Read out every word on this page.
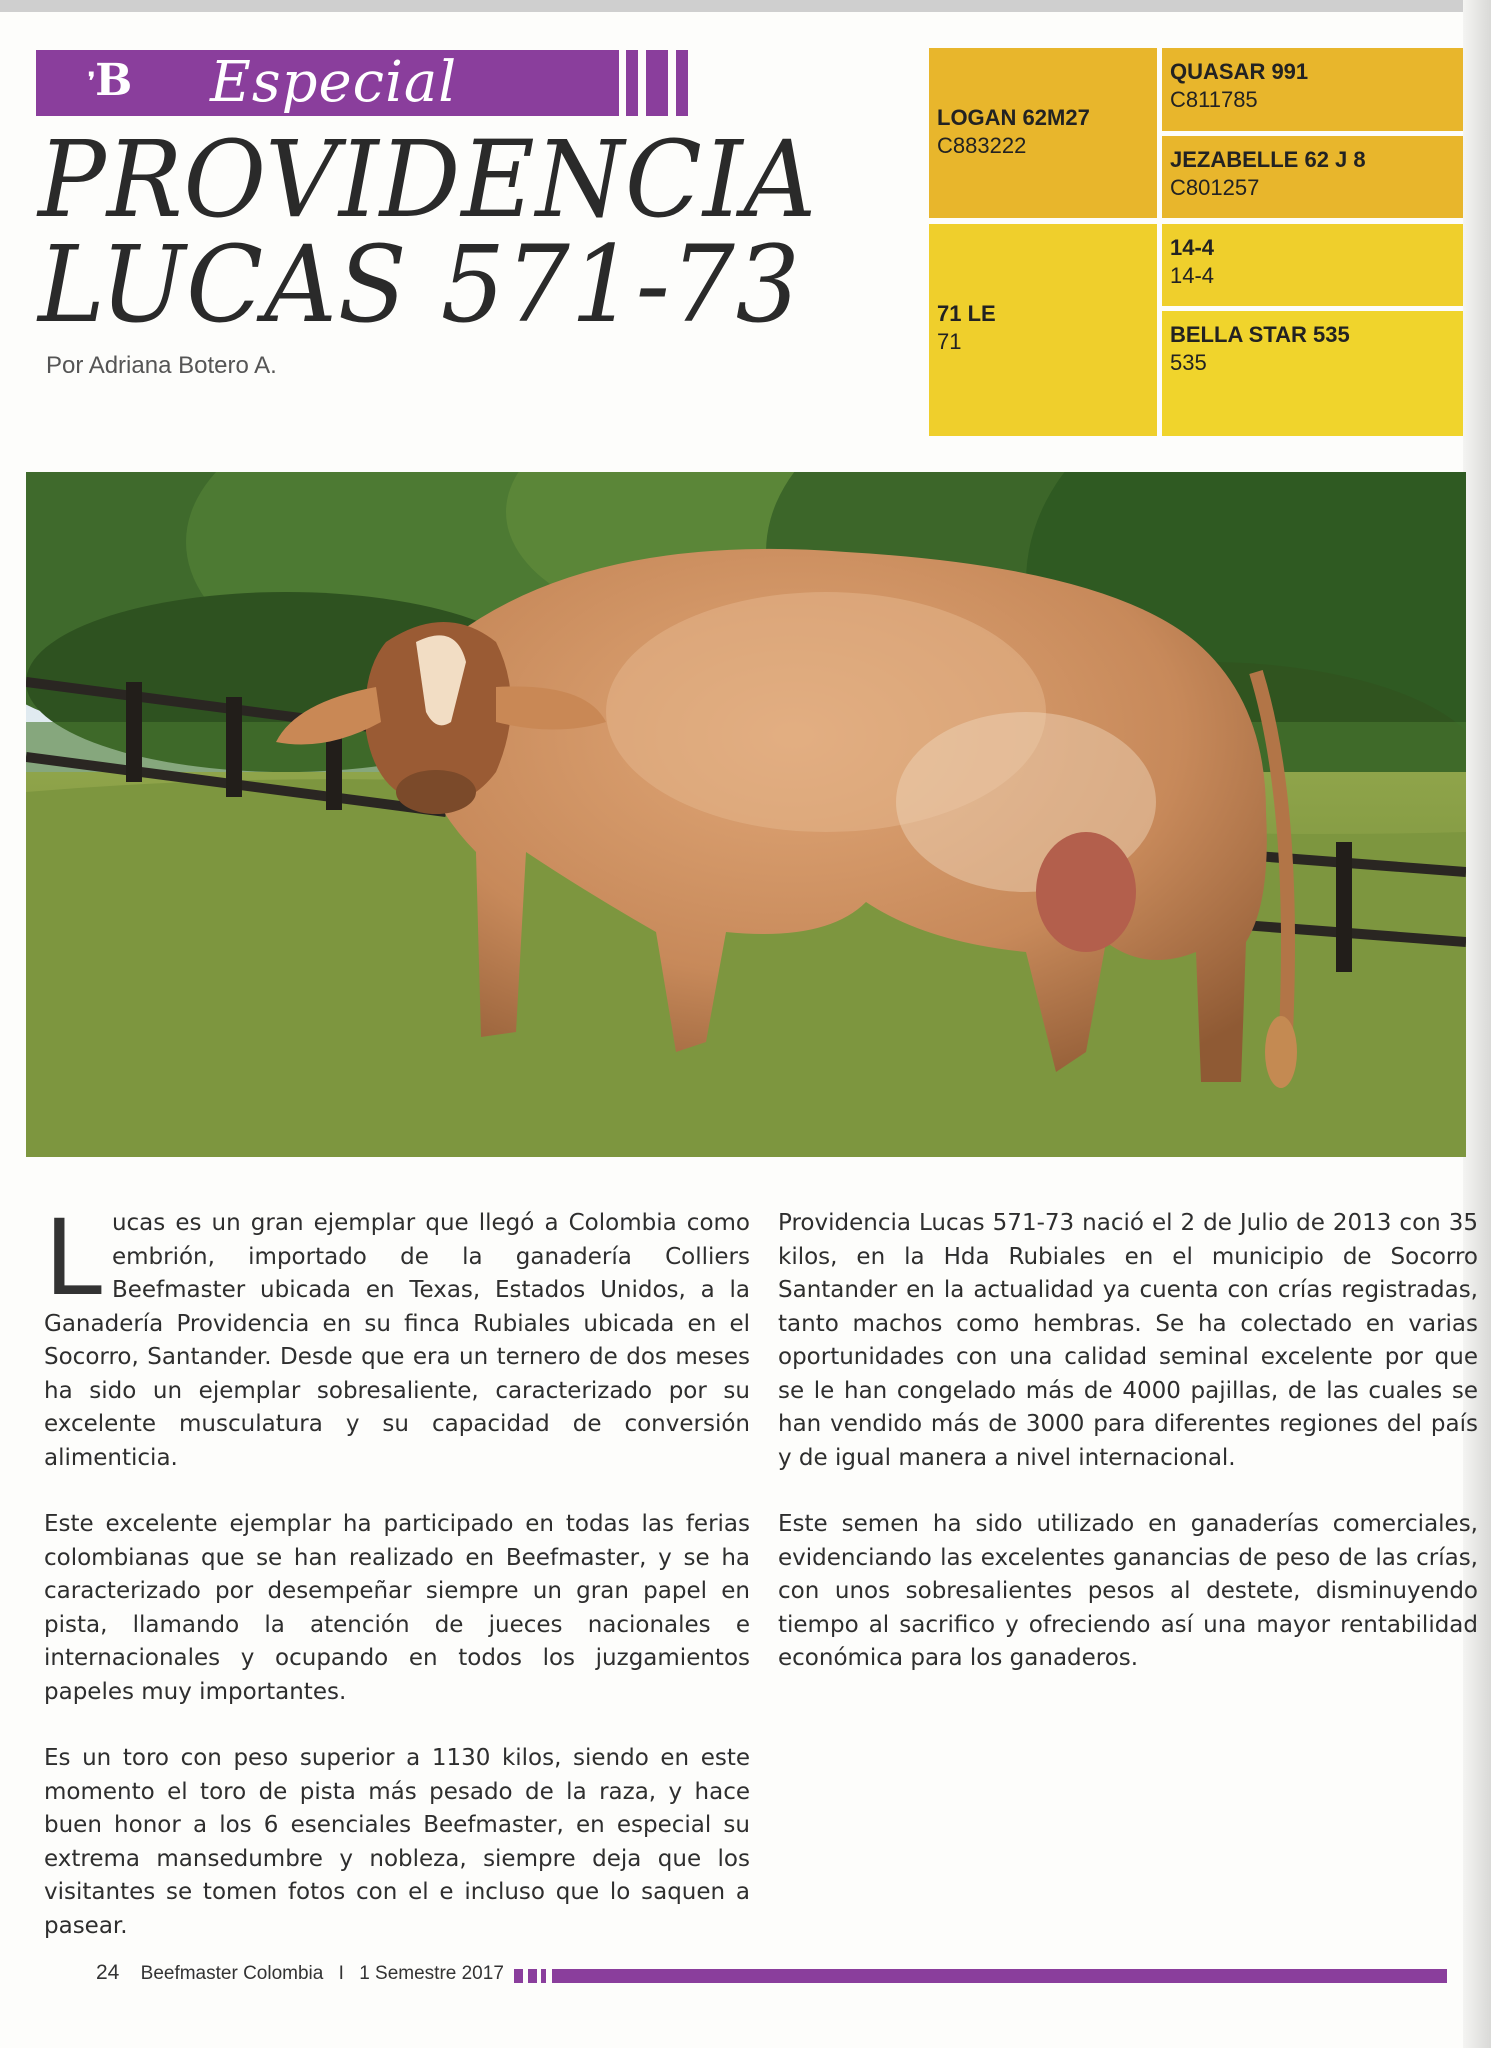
❜B	Especial
PROVIDENCIA
LUCAS 571-73
Por Adriana Botero A.
LOGAN 62M27
C883222
71 LE
71
QUASAR 991
C811785
JEZABELLE 62 J 8
C801257
14-4
14-4
BELLA STAR 535
535

Lucas es un gran ejemplar que llegó a Colombia como embrión, importado de la ganadería Colliers Beefmaster ubicada en Texas, Estados Unidos, a la Ganadería Providencia en su finca Rubiales ubicada en el Socorro, Santander. Desde que era un ternero de dos meses ha sido un ejemplar sobresaliente, caracterizado por su excelente musculatura y su capacidad de conversión alimenticia.

Este excelente ejemplar ha participado en todas las ferias colombianas que se han realizado en Beefmaster, y se ha caracterizado por desempeñar siempre un gran papel en pista, llamando la atención de jueces nacionales e internacionales y ocupando en todos los juzgamientos papeles muy importantes.

Es un toro con peso superior a 1130 kilos, siendo en este momento el toro de pista más pesado de la raza, y hace buen honor a los 6 esenciales Beefmaster, en especial su extrema mansedumbre y nobleza, siempre deja que los visitantes se tomen fotos con el e incluso que lo saquen a pasear.

Providencia Lucas 571-73 nació el 2 de Julio de 2013 con 35 kilos, en la Hda Rubiales en el municipio de Socorro Santander en la actualidad ya cuenta con crías registradas, tanto machos como hembras. Se ha colectado en varias oportunidades con una calidad seminal excelente por que se le han congelado más de 4000 pajillas, de las cuales se han vendido más de 3000 para diferentes regiones del país y de igual manera a nivel internacional.

Este semen ha sido utilizado en ganaderías comerciales, evidenciando las excelentes ganancias de peso de las crías, con unos sobresalientes pesos al destete, disminuyendo tiempo al sacrifico y ofreciendo así una mayor rentabilidad económica para los ganaderos.

24 Beefmaster Colombia I 1 Semestre 2017
